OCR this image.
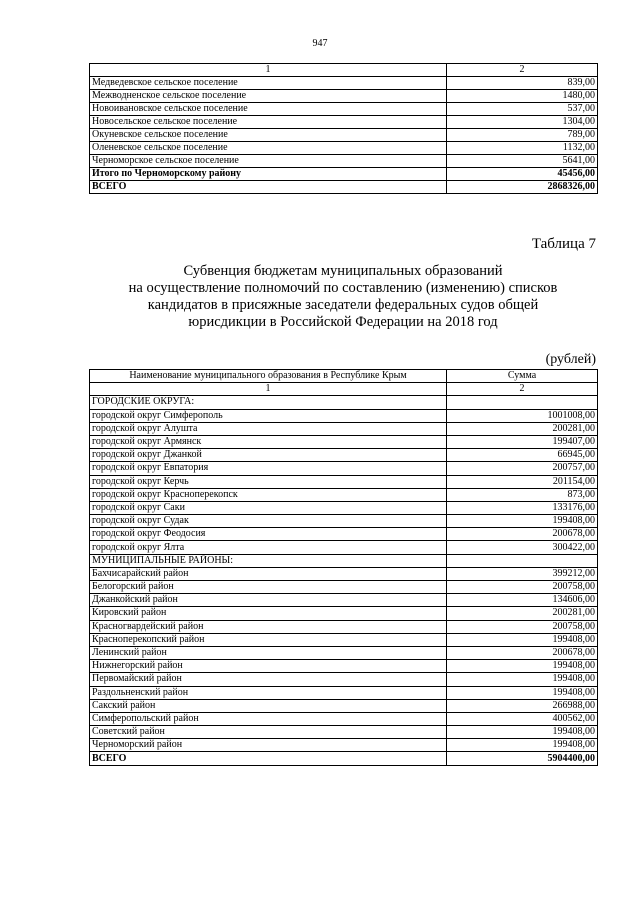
947
1	2
Медведевское сельское поселение	839,00
Межводненское сельское поселение	1480,00
Новоивановское сельское поселение	537,00
Новосельское сельское поселение	1304,00
Окуневское сельское поселение	789,00
Оленевское сельское поселение	1132,00
Черноморское сельское поселение	5641,00
Итого по Черноморскому району	45456,00
ВСЕГО	2868326,00
Таблица 7
Субвенция бюджетам муниципальных образований
на осуществление полномочий по составлению (изменению) списков
кандидатов в присяжные заседатели федеральных судов общей
юрисдикции в Российской Федерации на 2018 год
(рублей)
Наименование муниципального образования в Республике Крым	Сумма
1	2
ГОРОДСКИЕ ОКРУГА:	
городской округ Симферополь	1001008,00
городской округ Алушта	200281,00
городской округ Армянск	199407,00
городской округ Джанкой	66945,00
городской округ Евпатория	200757,00
городской округ Керчь	201154,00
городской округ Красноперекопск	873,00
городской округ Саки	133176,00
городской округ Судак	199408,00
городской округ Феодосия	200678,00
городской округ Ялта	300422,00
МУНИЦИПАЛЬНЫЕ РАЙОНЫ:	
Бахчисарайский район	399212,00
Белогорский район	200758,00
Джанкойский район	134606,00
Кировский район	200281,00
Красногвардейский район	200758,00
Красноперекопский район	199408,00
Ленинский район	200678,00
Нижнегорский район	199408,00
Первомайский район	199408,00
Раздольненский район	199408,00
Сакский район	266988,00
Симферопольский район	400562,00
Советский район	199408,00
Черноморский район	199408,00
ВСЕГО	5904400,00
